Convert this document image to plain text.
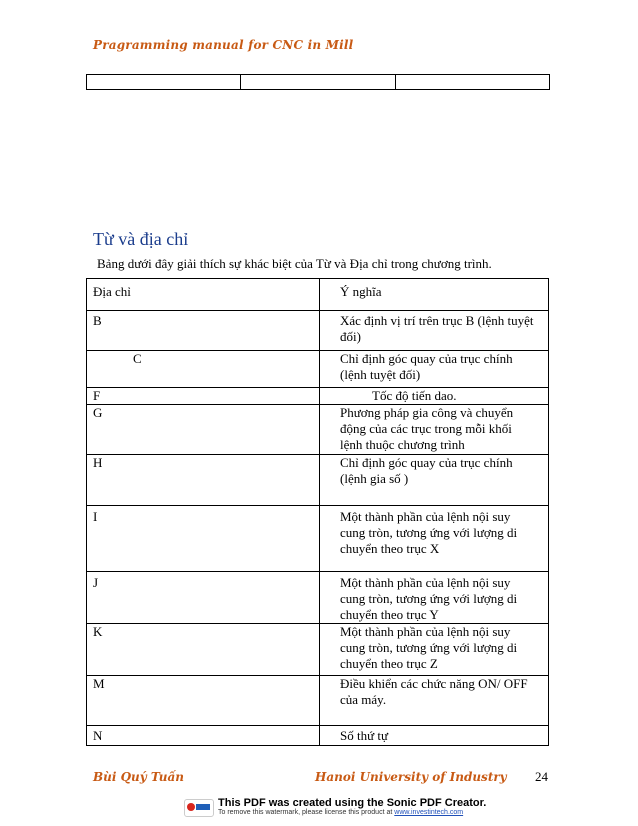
Pragramming manual for CNC in Mill

Từ và địa chỉ
Bảng dưới đây giải thích sự khác biệt của Từ và Địa chỉ trong chương trình.
Địa chỉ	Ý nghĩa
B	Xác định vị trí trên trục B (lệnh tuyệt
đối)

C	Chỉ định góc quay của trục chính
(lệnh tuyệt đối)

F	Tốc độ tiến dao.

G	Phương pháp gia công và chuyển
động của các trục trong mỗi khối
lệnh thuộc chương trình

H	Chỉ định góc quay của trục chính
(lệnh gia số )

I	Một thành phần của lệnh nội suy
cung tròn, tương ứng với lượng di
chuyển theo trục X

J	Một thành phần của lệnh nội suy
cung tròn, tương ứng với lượng di
chuyển theo trục Y

K	Một thành phần của lệnh nội suy
cung tròn, tương ứng với lượng di
chuyển theo trục Z

M	Điều khiển các chức năng ON/ OFF
của máy.

N	Số thứ tự
Bùi Quý Tuấn	Hanoi University of Industry 24
This PDF was created using the Sonic PDF Creator.
To remove this watermark, please license this product at www.investintech.com
